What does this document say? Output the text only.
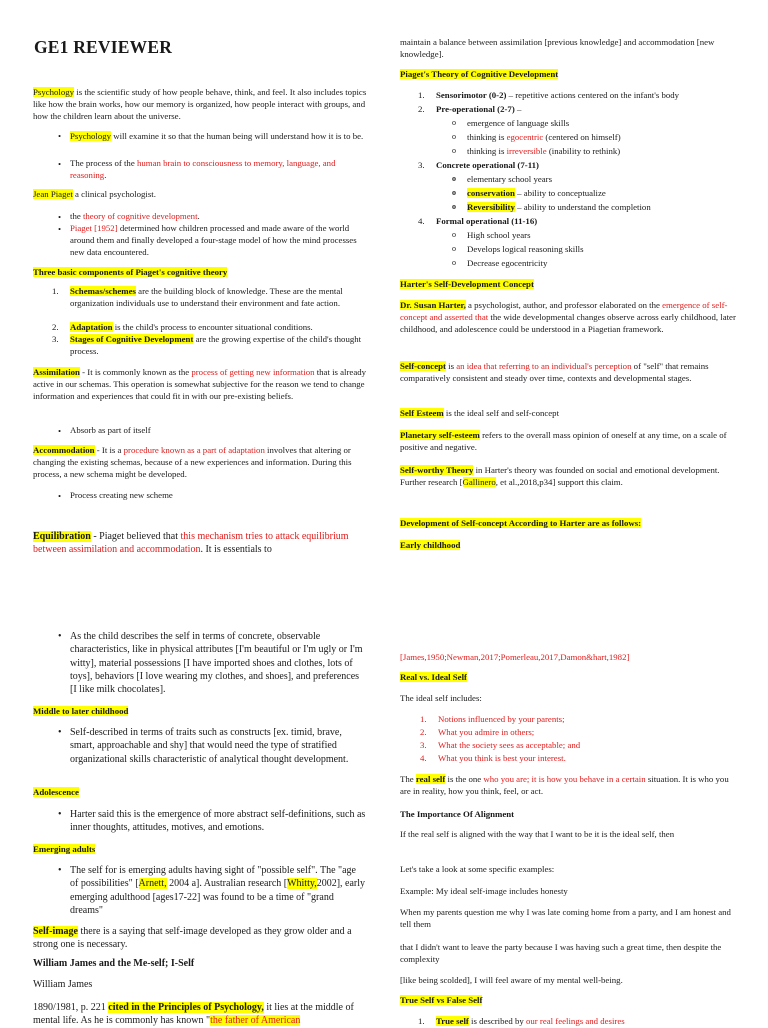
GE1 REVIEWER
Psychology is the scientific study of how people behave, think, and feel. It also includes topics like how the brain works, how our memory is organized, how people interact with groups, and how the children learn about the universe.
Psychology will examine it so that the human being will understand how it is to be.
The process of the human brain to consciousness to memory, language, and reasoning.
Jean Piaget a clinical psychologist.
the theory of cognitive development.
Piaget [1952] determined how children processed and made aware of the world around them and finally developed a four-stage model of how the mind processes new data encountered.
Three basic components of Piaget's cognitive theory
1. Schemas/schemes are the building block of knowledge. These are the mental organization individuals use to understand their environment and fate action.
2. Adaptation is the child's process to encounter situational conditions.
3. Stages of Cognitive Development are the growing expertise of the child's thought process.
Assimilation - It is commonly known as the process of getting new information that is already active in our schemas. This operation is somewhat subjective for the reason we tend to change information and experiences that could fit in with our pre-existing beliefs.
Absorb as part of itself
Accommodation - It is a procedure known as a part of adaptation involves that altering or changing the existing schemas, because of a new experiences and information. During this process, a new schema might be developed.
Process creating new scheme
Equilibration - Piaget believed that this mechanism tries to attack equilibrium between assimilation and accommodation. It is essentials to
maintain a balance between assimilation [previous knowledge] and accommodation [new knowledge].
Piaget's Theory of Cognitive Development
1. Sensorimotor (0-2) – repetitive actions centered on the infant's body
2. Pre-operational (2-7) –
o emergence of language skills
o thinking is egocentric (centered on himself)
o thinking is irreversible (inability to rethink)
3. Concrete operational (7-11)
o elementary school years
o conservation – ability to conceptualize
o Reversibility – ability to understand the completion
4. Formal operational (11-16)
o High school years
o Develops logical reasoning skills
o Decrease egocentricity
Harter's Self-Development Concept
Dr. Susan Harter, a psychologist, author, and professor elaborated on the emergence of self- concept and asserted that the wide developmental changes observe across early childhood, later childhood, and adolescence could be understood in a Piagetian framework.
Self-concept is an idea that referring to an individual's perception of "self" that remains comparatively consistent and steady over time, contexts and developmental stages.
Self Esteem is the ideal self and self-concept
Planetary self-esteem refers to the overall mass opinion of oneself at any time, on a scale of positive and negative.
Self-worthy Theory in Harter's theory was founded on social and emotional development. Further research [Gallinero, et al.,2018,p34] support this claim.
Development of Self-concept According to Harter are as follows:
Early childhood
As the child describes the self in terms of concrete, observable characteristics, like in physical attributes [I'm beautiful or I'm ugly or I'm witty], material possessions [I have imported shoes and clothes, lots of toys], behaviors [I love wearing my clothes, and shoes], and preferences [I like milk chocolates].
Middle to later childhood
Self-described in terms of traits such as constructs [ex. timid, brave, smart, approachable and shy] that would need the type of stratified organizational skills characteristic of analytical thought development.
Adolescence
Harter said this is the emergence of more abstract self-definitions, such as inner thoughts, attitudes, motives, and emotions.
Emerging adults
The self for is emerging adults having sight of "possible self". The "age of possibilities" [Arnett, 2004 a]. Australian research [Whitty,2002], early emerging adulthood [ages17-22] was found to be a time of "grand dreams"
Self-image there is a saying that self-image developed as they grow older and a strong one is necessary.
William James and the Me-self; I-Self
William James
1890/1981, p. 221 cited in the Principles of Psychology, it lies at the middle of mental life. As he is commonly has known "the father of American
[James,1950;Newman,2017;Pomerleau,2017,Damon&hart,1982]
Real vs. Ideal Self
The ideal self includes:
1. Notions influenced by your parents;
2. What you admire in others;
3. What the society sees as acceptable; and
4. What you think is best your interest.
The real self is the one who you are; it is how you behave in a certain situation. It is who you are in reality, how you think, feel, or act.
The Importance Of Alignment
If the real self is aligned with the way that I want to be it is the ideal self, then
Let's take a look at some specific examples:
Example: My ideal self-image includes honesty
When my parents question me why I was late coming home from a party, and I am honest and tell them
that I didn't want to leave the party because I was having such a great time, then despite the complexity
[like being scolded], I will feel aware of my mental well-being.
True Self vs False Self
1. True self is described by our real feelings and desires
